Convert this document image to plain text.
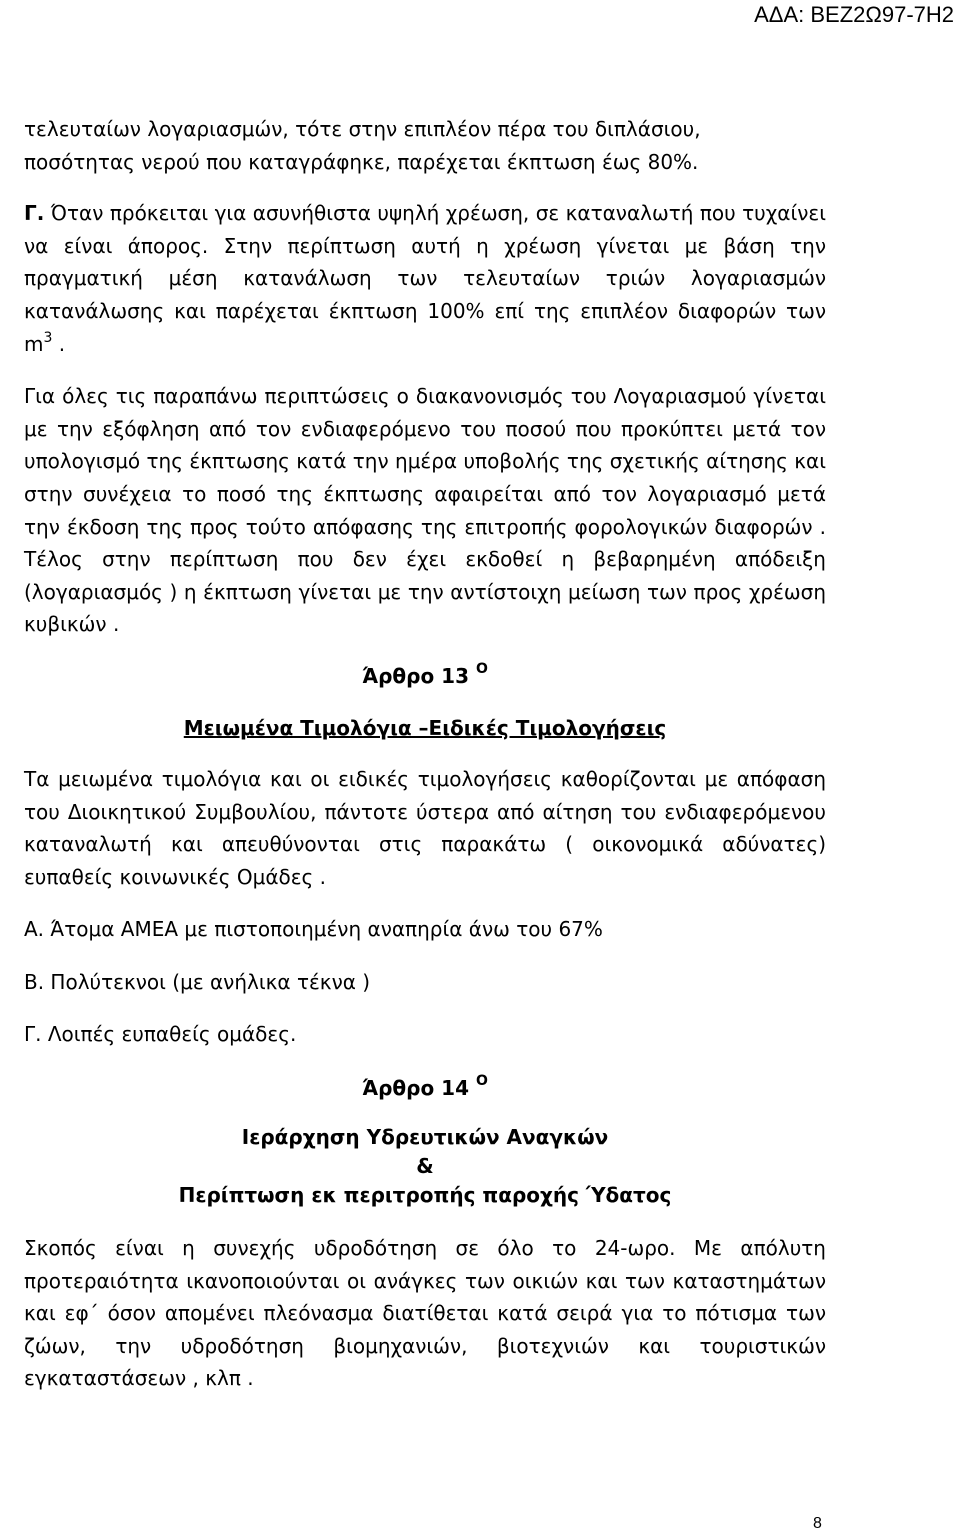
ΑΔΑ: ΒΕΖ2Ω97-7Η2

τελευταίων λογαριασμών, τότε στην επιπλέον πέρα του διπλάσιου,

ποσότητας νερού που καταγράφηκε, παρέχεται έκπτωση έως 80%.

Γ. Όταν πρόκειται για ασυνήθιστα υψηλή χρέωση, σε καταναλωτή που τυχαίνει να είναι άπορος. Στην περίπτωση αυτή η χρέωση γίνεται με βάση την πραγματική μέση κατανάλωση των τελευταίων τριών λογαριασμών κατανάλωσης και παρέχεται έκπτωση 100% επί της επιπλέον διαφορών των $m^3$ .

Για όλες τις παραπάνω περιπτώσεις ο διακανονισμός του Λογαριασμού γίνεται με την εξόφληση από τον ενδιαφερόμενο του ποσού που προκύπτει μετά τον υπολογισμό της έκπτωσης κατά την ημέρα υποβολής της σχετικής αίτησης και στην συνέχεια το ποσό της έκπτωσης αφαιρείται από τον λογαριασμό μετά την έκδοση της προς τούτο απόφασης της επιτροπής φορολογικών διαφορών . Τέλος στην περίπτωση που δεν έχει εκδοθεί η βεβαρημένη απόδειξη (λογαριασμός ) η έκπτωση γίνεται με την αντίστοιχη μείωση των προς χρέωση κυβικών .

Άρθρο 13 $^O$

Μειωμένα Τιμολόγια –Ειδικές Τιμολογήσεις

Τα μειωμένα τιμολόγια και οι ειδικές τιμολογήσεις καθορίζονται με απόφαση του Διοικητικού Συμβουλίου, πάντοτε ύστερα από αίτηση του ενδιαφερόμενου καταναλωτή και απευθύνονται στις παρακάτω ( οικονομικά αδύνατες) ευπαθείς κοινωνικές Ομάδες .

Α. Άτομα ΑΜΕΑ με πιστοποιημένη αναπηρία άνω του 67%

Β. Πολύτεκνοι (με ανήλικα τέκνα )

Γ. Λοιπές ευπαθείς ομάδες.

Άρθρο 14 $^O$

Ιεράρχηση Υδρευτικών Αναγκών

&

Περίπτωση εκ περιτροπής παροχής Ύδατος

Σκοπός είναι η συνεχής υδροδότηση σε όλο το 24-ωρο. Με απόλυτη προτεραιότητα ικανοποιούνται οι ανάγκες των οικιών και των καταστημάτων και εφ΄ όσον απομένει πλεόνασμα διατίθεται κατά σειρά για το πότισμα των ζώων, την υδροδότηση βιομηχανιών, βιοτεχνιών και τουριστικών εγκαταστάσεων , κλπ .

8
